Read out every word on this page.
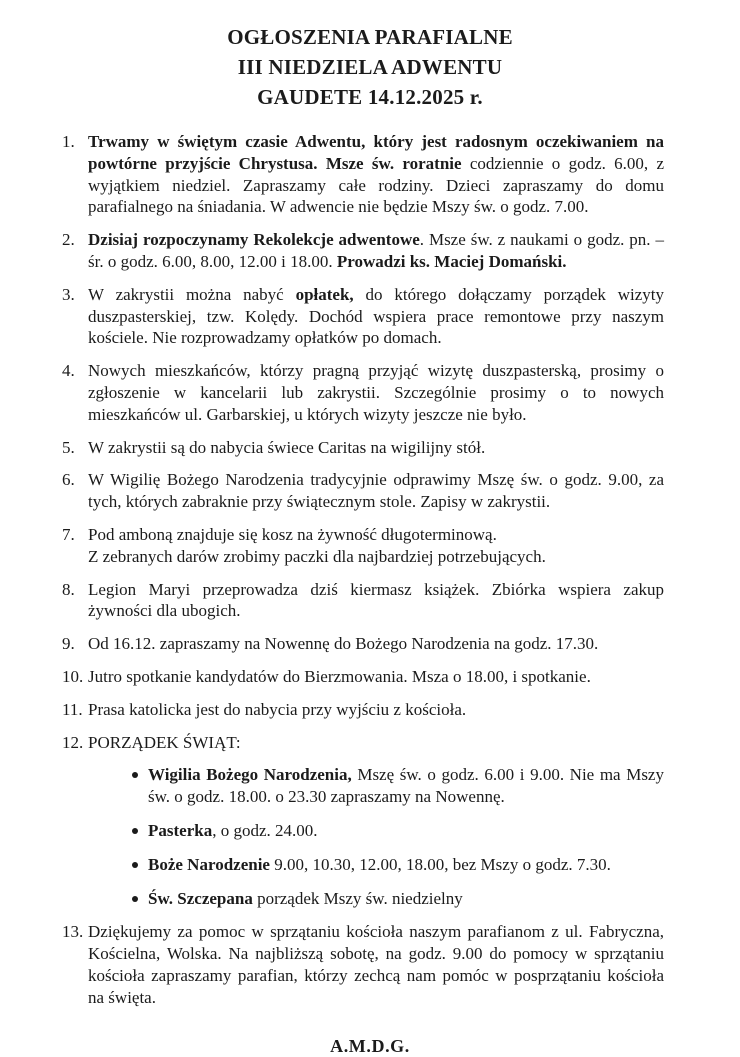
OGŁOSZENIA PARAFIALNE
III NIEDZIELA ADWENTU
GAUDETE 14.12.2025 r.
1. Trwamy w świętym czasie Adwentu, który jest radosnym oczekiwaniem na powtórne przyjście Chrystusa. Msze św. roratnie codziennie o godz. 6.00, z wyjątkiem niedziel. Zapraszamy całe rodziny. Dzieci zapraszamy do domu parafialnego na śniadania. W adwencie nie będzie Mszy św. o godz. 7.00.
2. Dzisiaj rozpoczynamy Rekolekcje adwentowe. Msze św. z naukami o godz. pn. – śr. o godz. 6.00, 8.00, 12.00 i 18.00. Prowadzi ks. Maciej Domański.
3. W zakrystii można nabyć opłatek, do którego dołączamy porządek wizyty duszpasterskiej, tzw. Kolędy. Dochód wspiera prace remontowe przy naszym kościele. Nie rozprowadzamy opłatków po domach.
4. Nowych mieszkańców, którzy pragną przyjąć wizytę duszpasterską, prosimy o zgłoszenie w kancelarii lub zakrystii. Szczególnie prosimy o to nowych mieszkańców ul. Garbarskiej, u których wizyty jeszcze nie było.
5. W zakrystii są do nabycia świece Caritas na wigilijny stół.
6. W Wigilię Bożego Narodzenia tradycyjnie odprawimy Mszę św. o godz. 9.00, za tych, których zabraknie przy świątecznym stole. Zapisy w zakrystii.
7. Pod amboną znajduje się kosz na żywność długoterminową.
Z zebranych darów zrobimy paczki dla najbardziej potrzebujących.
8. Legion Maryi przeprowadza dziś kiermasz książek. Zbiórka wspiera zakup żywności dla ubogich.
9. Od 16.12. zapraszamy na Nowennę do Bożego Narodzenia na godz. 17.30.
10. Jutro spotkanie kandydatów do Bierzmowania. Msza o 18.00, i spotkanie.
11. Prasa katolicka jest do nabycia przy wyjściu z kościoła.
12. PORZĄDEK ŚWIĄT:
Wigilia Bożego Narodzenia, Mszę św. o godz. 6.00 i 9.00. Nie ma Mszy św. o godz. 18.00. o 23.30 zapraszamy na Nowennę.
Pasterka, o godz. 24.00.
Boże Narodzenie 9.00, 10.30, 12.00, 18.00, bez Mszy o godz. 7.30.
Św. Szczepana porządek Mszy św. niedzielny
13. Dziękujemy za pomoc w sprzątaniu kościoła naszym parafianom z ul. Fabryczna, Kościelna, Wolska. Na najbliższą sobotę, na godz. 9.00 do pomocy w sprzątaniu kościoła zapraszamy parafian, którzy zechcą nam pomóc w posprzątaniu kościoła na święta.
A.M.D.G.
